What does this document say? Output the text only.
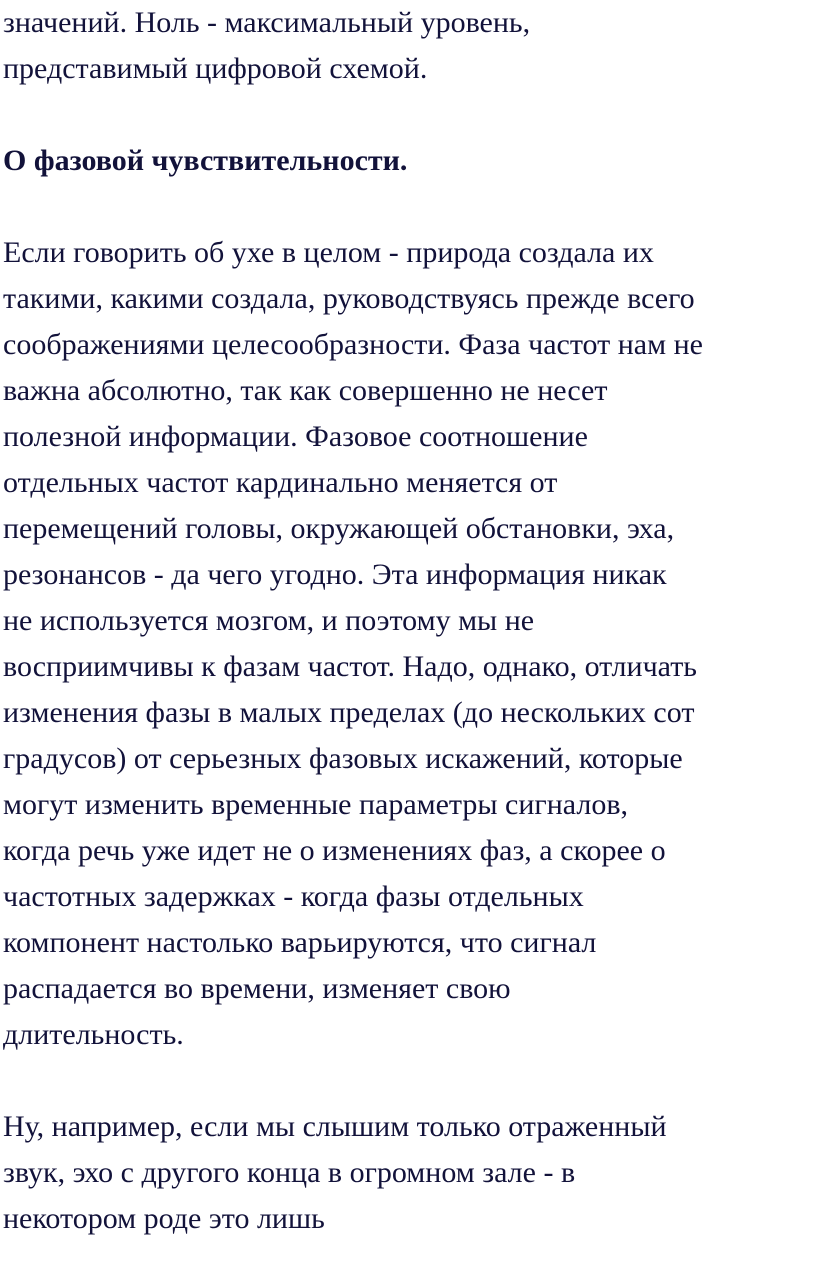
значений. Ноль - максимальный уровень,
представимый цифровой схемой.
О фазовой чувствительности.
Если говорить об ухе в целом - природа создала их
такими, какими создала, руководствуясь прежде всего
соображениями целесообразности. Фаза частот нам не
важна абсолютно, так как совершенно не несет
полезной информации. Фазовое соотношение
отдельных частот кардинально меняется от
перемещений головы, окружающей обстановки, эха,
резонансов - да чего угодно. Эта информация никак
не используется мозгом, и поэтому мы не
восприимчивы к фазам частот. Надо, однако, отличать
изменения фазы в малых пределах (до нескольких сот
градусов) от серьезных фазовых искажений, которые
могут изменить временные параметры сигналов,
когда речь уже идет не о изменениях фаз, а скорее о
частотных задержках - когда фазы отдельных
компонент настолько варьируются, что сигнал
распадается во времени, изменяет свою
длительность.
Ну, например, если мы слышим только отраженный
звук, эхо с другого конца в огромном зале - в
некотором роде это лишь
